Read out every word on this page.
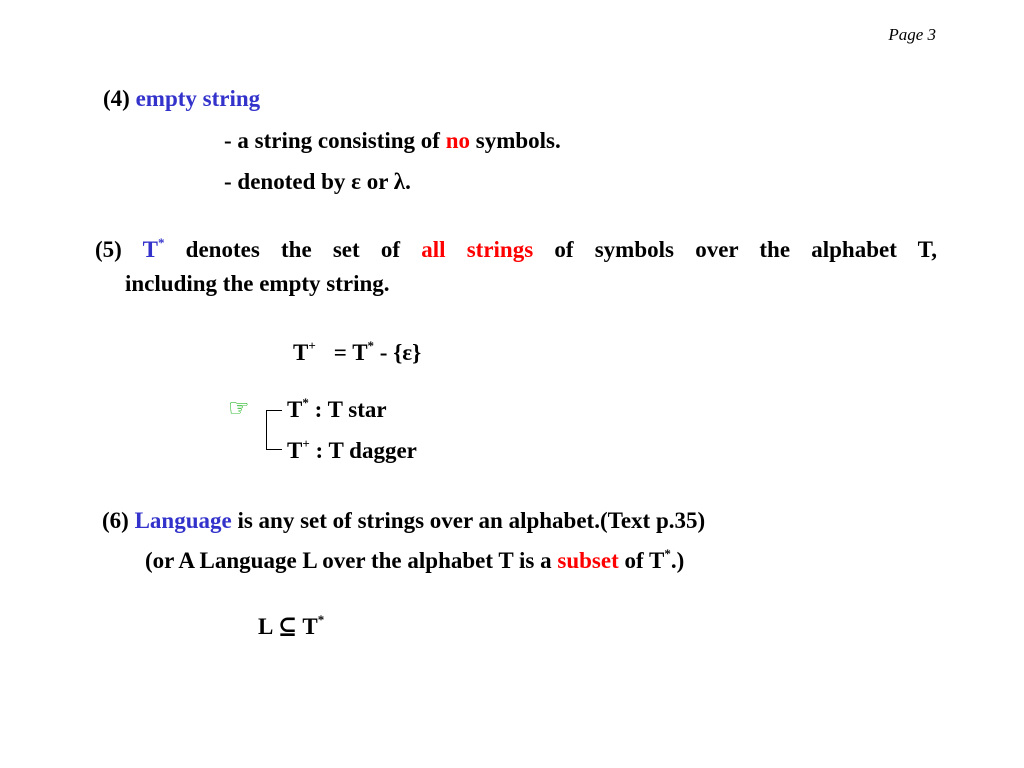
Page 3
(4) empty string
- a string consisting of no symbols.
- denoted by ε or λ.
(5) T* denotes the set of all strings of symbols over the alphabet T,
including the empty string.
T+ = T* - {ε}
☞ T* : T star
T+ : T dagger
(6) Language is any set of strings over an alphabet.(Text p.35)
(or A Language L over the alphabet T is a subset of T*.)
L ⊆ T*
